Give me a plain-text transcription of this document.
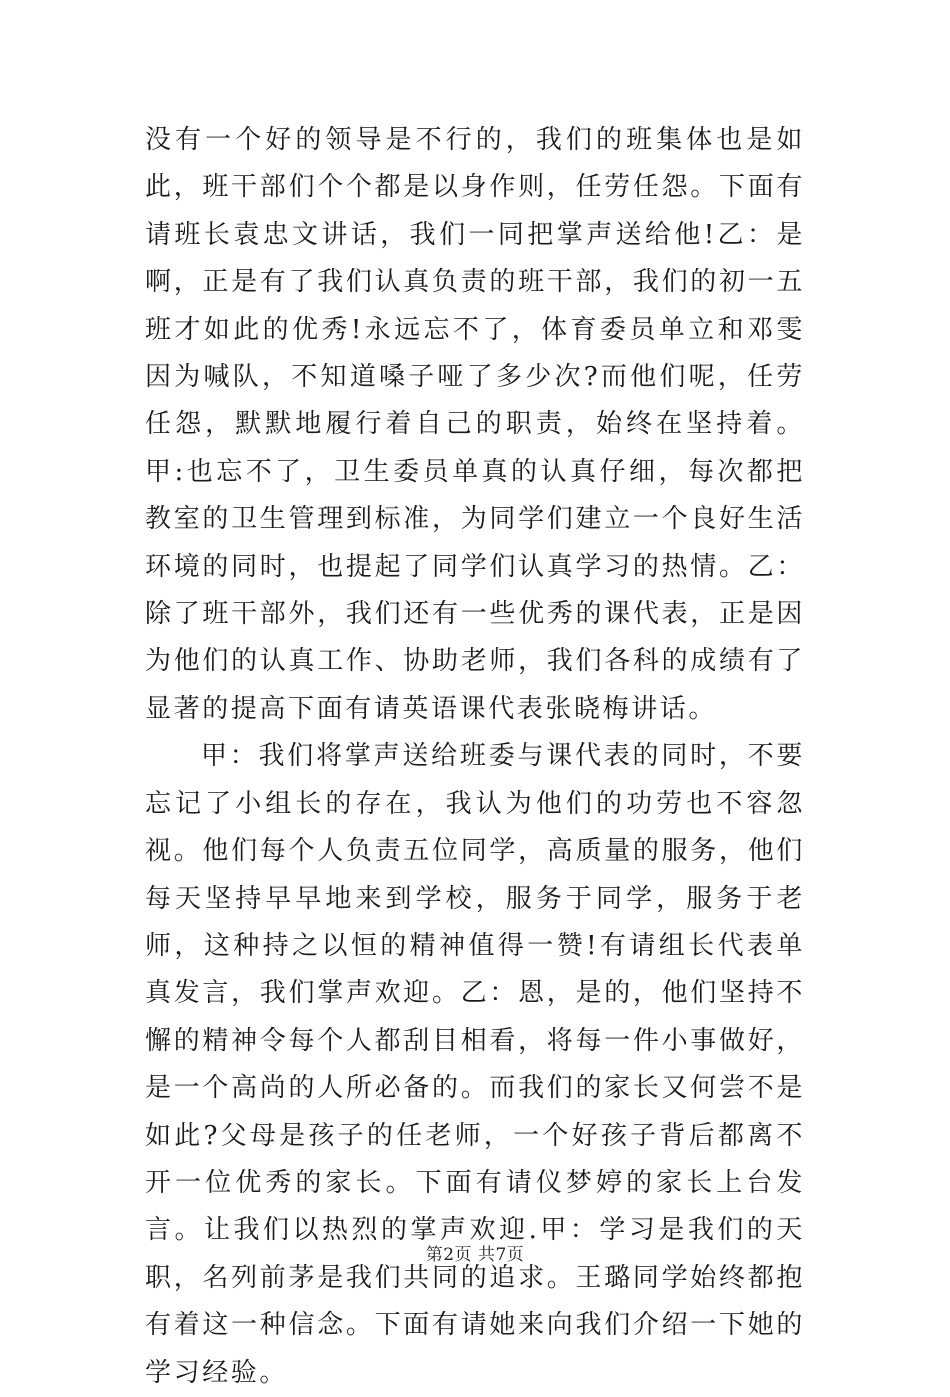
没有一个好的领导是不行的，我们的班集体也是如此，班干部们个个都是以身作则，任劳任怨。下面有请班长袁忠文讲话，我们一同把掌声送给他!乙：是啊，正是有了我们认真负责的班干部，我们的初一五班才如此的优秀!永远忘不了，体育委员单立和邓雯因为喊队，不知道嗓子哑了多少次?而他们呢，任劳任怨，默默地履行着自己的职责，始终在坚持着。甲:也忘不了，卫生委员单真的认真仔细，每次都把教室的卫生管理到标准，为同学们建立一个良好生活环境的同时，也提起了同学们认真学习的热情。乙：除了班干部外，我们还有一些优秀的课代表，正是因为他们的认真工作、协助老师，我们各科的成绩有了显著的提高下面有请英语课代表张晓梅讲话。

甲：我们将掌声送给班委与课代表的同时，不要忘记了小组长的存在，我认为他们的功劳也不容忽视。他们每个人负责五位同学，高质量的服务，他们每天坚持早早地来到学校，服务于同学，服务于老师，这种持之以恒的精神值得一赞!有请组长代表单真发言，我们掌声欢迎。乙：恩，是的，他们坚持不懈的精神令每个人都刮目相看，将每一件小事做好，是一个高尚的人所必备的。而我们的家长又何尝不是如此?父母是孩子的任老师，一个好孩子背后都离不开一位优秀的家长。下面有请仪梦婷的家长上台发言。让我们以热烈的掌声欢迎.甲：学习是我们的天职，名列前茅是我们共同的追求。王璐同学始终都抱有着这一种信念。下面有请她来向我们介绍一下她的学习经验。

第2页 共7页
